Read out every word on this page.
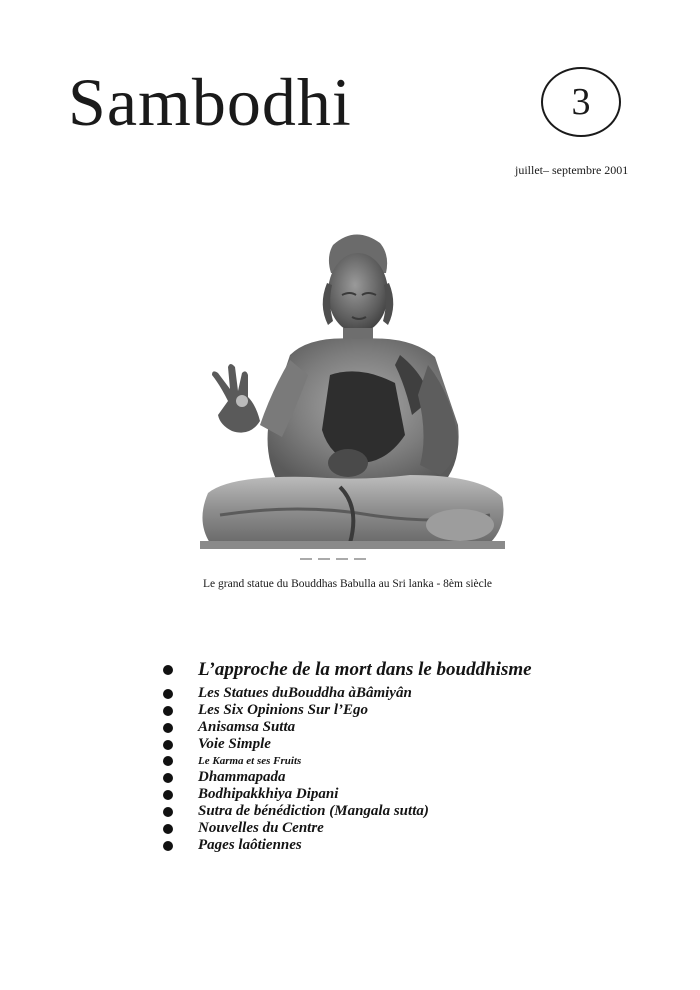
Sambodhi	3
juillet– septembre 2001
Le grand statue du Bouddhas Babulla au Sri lanka - 8èm siècle
L’approche de la mort dans le bouddhisme
Les Statues duBouddha àBâmiyân
Les Six Opinions Sur l’Ego
Anisamsa Sutta
Voie Simple
Le Karma et ses Fruits
Dhammapada
Bodhipakkhiya Dipani
Sutra de bénédiction (Mangala sutta)
Nouvelles du Centre
Pages laôtiennes
